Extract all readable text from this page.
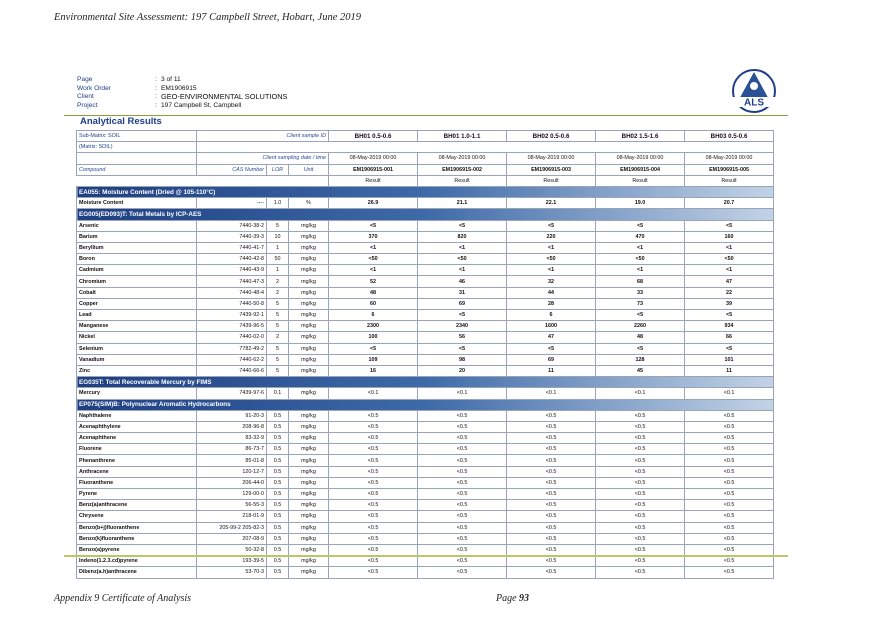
Environmental Site Assessment: 197 Campbell Street, Hobart, June 2019
Page	: 3 of 11
Work Order	: EM1906915
Client	: GEO-ENVIRONMENTAL SOLUTIONS
Project	: 197 Campbell St, Campbell	ALS
Analytical Results
Sub-Matrix: SOIL	Client sample ID			BH01 0.5-0.6	BH01 1.0-1.1	BH02 0.5-0.6	BH02 1.5-1.6	BH03 0.5-0.6
(Matrix: SOIL)								
	Client sampling date / time			08-May-2019 00:00	08-May-2019 00:00	08-May-2019 00:00	08-May-2019 00:00	08-May-2019 00:00
Compound	CAS Number	LOR	Unit	EM1906915-001	EM1906915-002	EM1906915-003	EM1906915-004	EM1906915-005
				Result	Result	Result	Result	Result
EA055: Moisture Content (Dried @ 105-110°C)								
Moisture Content	----	1.0	%	26.9	21.1	22.1	19.0	20.7
EG005(ED093)T: Total Metals by ICP-AES								
Arsenic	7440-38-2	5	mg/kg	<5	<5	<5	<5	<5
Barium	7440-39-3	10	mg/kg	370	820	220	470	160
Beryllium	7440-41-7	1	mg/kg	<1	<1	<1	<1	<1
Boron	7440-42-8	50	mg/kg	<50	<50	<50	<50	<50
Cadmium	7440-43-9	1	mg/kg	<1	<1	<1	<1	<1
Chromium	7440-47-3	2	mg/kg	52	46	32	68	47
Cobalt	7440-48-4	2	mg/kg	48	31	44	33	22
Copper	7440-50-8	5	mg/kg	60	69	28	73	39
Lead	7439-92-1	5	mg/kg	6	<5	6	<5	<5
Manganese	7439-96-5	5	mg/kg	2300	2340	1600	2260	934
Nickel	7440-02-0	2	mg/kg	100	56	47	48	66
Selenium	7782-49-2	5	mg/kg	<5	<5	<5	<5	<5
Vanadium	7440-62-2	5	mg/kg	109	98	69	128	101
Zinc	7440-66-6	5	mg/kg	16	20	11	45	11
EG035T: Total Recoverable Mercury by FIMS								
Mercury	7439-97-6	0.1	mg/kg	<0.1	<0.1	<0.1	<0.1	<0.1
EP075(SIM)B: Polynuclear Aromatic Hydrocarbons								
Naphthalene	91-20-3	0.5	mg/kg	<0.5	<0.5	<0.5	<0.5	<0.5
Acenaphthylene	208-96-8	0.5	mg/kg	<0.5	<0.5	<0.5	<0.5	<0.5
Acenaphthene	83-32-9	0.5	mg/kg	<0.5	<0.5	<0.5	<0.5	<0.5
Fluorene	86-73-7	0.5	mg/kg	<0.5	<0.5	<0.5	<0.5	<0.5
Phenanthrene	85-01-8	0.5	mg/kg	<0.5	<0.5	<0.5	<0.5	<0.5
Anthracene	120-12-7	0.5	mg/kg	<0.5	<0.5	<0.5	<0.5	<0.5
Fluoranthene	206-44-0	0.5	mg/kg	<0.5	<0.5	<0.5	<0.5	<0.5
Pyrene	129-00-0	0.5	mg/kg	<0.5	<0.5	<0.5	<0.5	<0.5
Benz(a)anthracene	56-55-3	0.5	mg/kg	<0.5	<0.5	<0.5	<0.5	<0.5
Chrysene	218-01-9	0.5	mg/kg	<0.5	<0.5	<0.5	<0.5	<0.5
Benzo(b+j)fluoranthene	205-99-2 205-82-3	0.5	mg/kg	<0.5	<0.5	<0.5	<0.5	<0.5
Benzo(k)fluoranthene	207-08-9	0.5	mg/kg	<0.5	<0.5	<0.5	<0.5	<0.5
Benzo(a)pyrene	50-32-8	0.5	mg/kg	<0.5	<0.5	<0.5	<0.5	<0.5
Indeno(1.2.3.cd)pyrene	193-39-5	0.5	mg/kg	<0.5	<0.5	<0.5	<0.5	<0.5
Dibenz(a.h)anthracene	53-70-3	0.5	mg/kg	<0.5	<0.5	<0.5	<0.5	<0.5
Appendix 9 Certificate of Analysis	Page 93
